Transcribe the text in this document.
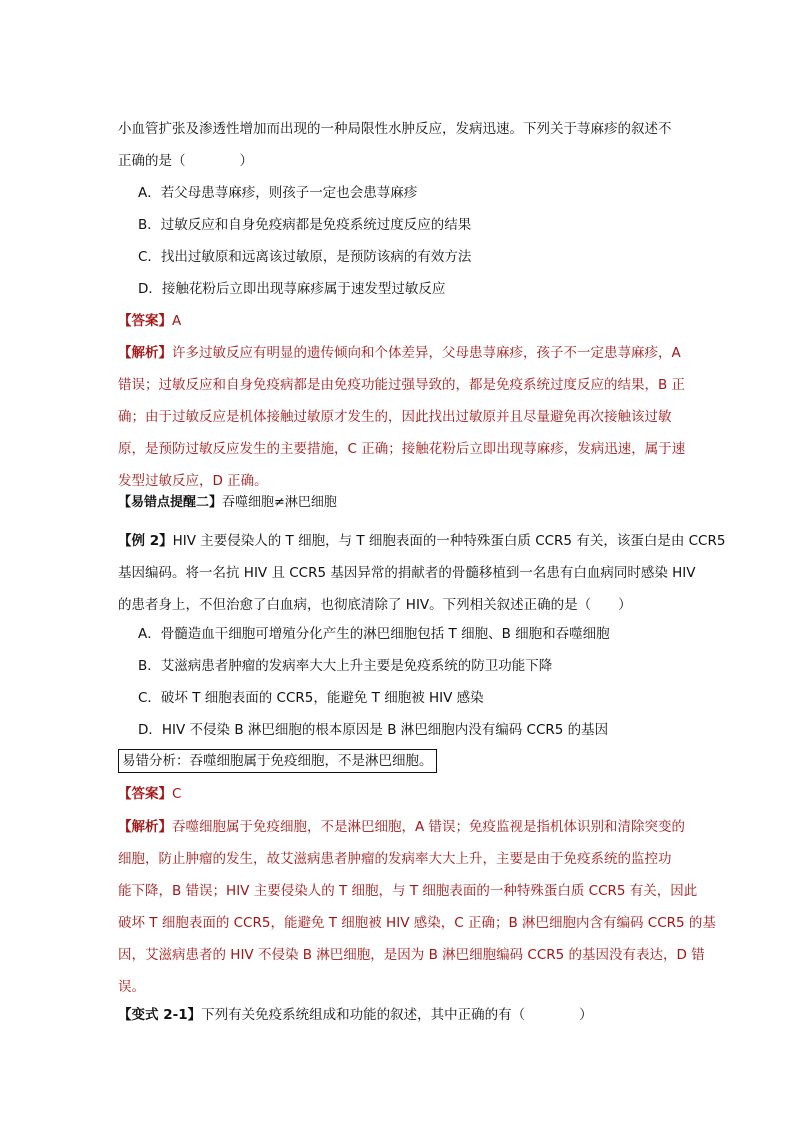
小血管扩张及渗透性增加而出现的一种局限性水肿反应，发病迅速。下列关于荨麻疹的叙述不
正确的是（　　　　）
A．若父母患荨麻疹，则孩子一定也会患荨麻疹
B．过敏反应和自身免疫病都是免疫系统过度反应的结果
C．找出过敏原和远离该过敏原，是预防该病的有效方法
D．接触花粉后立即出现荨麻疹属于速发型过敏反应
【答案】A
【解析】许多过敏反应有明显的遗传倾向和个体差异，父母患荨麻疹，孩子不一定患荨麻疹，A
错误；过敏反应和自身免疫病都是由免疫功能过强导致的，都是免疫系统过度反应的结果，B 正
确；由于过敏反应是机体接触过敏原才发生的，因此找出过敏原并且尽量避免再次接触该过敏
原，是预防过敏反应发生的主要措施，C 正确；接触花粉后立即出现荨麻疹，发病迅速，属于速
发型过敏反应，D 正确。
【易错点提醒二】吞噬细胞≠淋巴细胞
【例 2】HIV 主要侵染人的 T 细胞，与 T 细胞表面的一种特殊蛋白质 CCR5 有关，该蛋白是由 CCR5
基因编码。将一名抗 HIV 且 CCR5 基因异常的捐献者的骨髓移植到一名患有白血病同时感染 HIV
的患者身上，不但治愈了白血病，也彻底清除了 HIV。下列相关叙述正确的是（　　）
A．骨髓造血干细胞可增殖分化产生的淋巴细胞包括 T 细胞、B 细胞和吞噬细胞
B．艾滋病患者肿瘤的发病率大大上升主要是免疫系统的防卫功能下降
C．破坏 T 细胞表面的 CCR5，能避免 T 细胞被 HIV 感染
D．HIV 不侵染 B 淋巴细胞的根本原因是 B 淋巴细胞内没有编码 CCR5 的基因
易错分析：吞噬细胞属于免疫细胞，不是淋巴细胞。
【答案】C
【解析】吞噬细胞属于免疫细胞，不是淋巴细胞，A 错误；免疫监视是指机体识别和清除突变的
细胞，防止肿瘤的发生，故艾滋病患者肿瘤的发病率大大上升，主要是由于免疫系统的监控功
能下降，B 错误；HIV 主要侵染人的 T 细胞，与 T 细胞表面的一种特殊蛋白质 CCR5 有关，因此
破坏 T 细胞表面的 CCR5，能避免 T 细胞被 HIV 感染，C 正确；B 淋巴细胞内含有编码 CCR5 的基
因，艾滋病患者的 HIV 不侵染 B 淋巴细胞，是因为 B 淋巴细胞编码 CCR5 的基因没有表达，D 错
误。
【变式 2-1】下列有关免疫系统组成和功能的叙述，其中正确的有（　　　　）
